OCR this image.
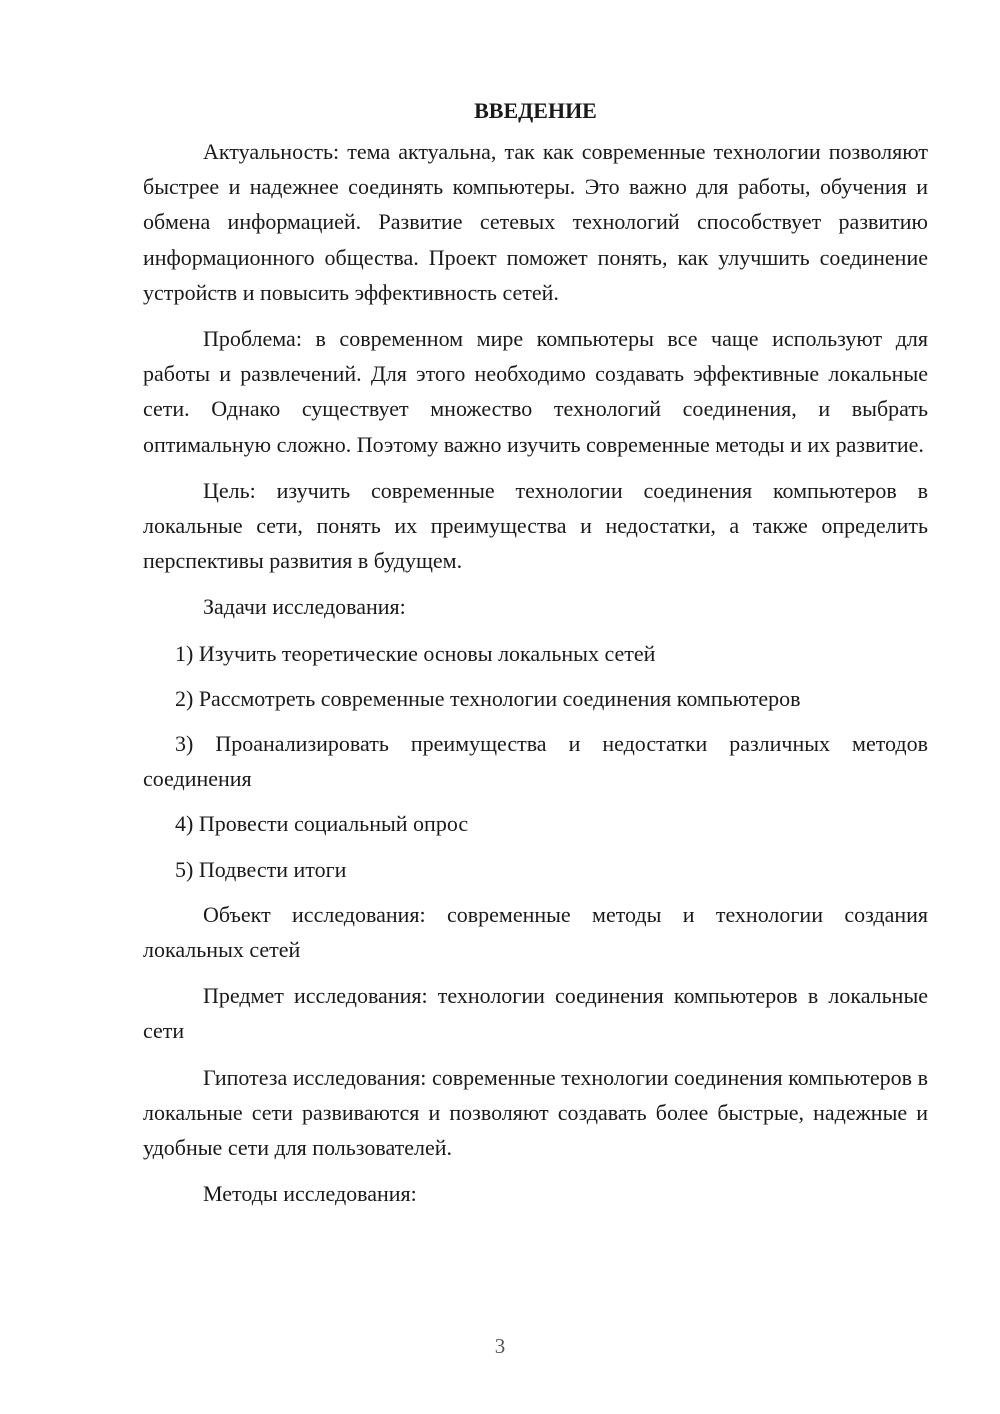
ВВЕДЕНИЕ

Актуальность: тема актуальна, так как современные технологии позволяют быстрее и надежнее соединять компьютеры. Это важно для работы, обучения и обмена информацией. Развитие сетевых технологий способствует развитию информационного общества. Проект поможет понять, как улучшить соединение устройств и повысить эффективность сетей.

Проблема: в современном мире компьютеры все чаще используют для работы и развлечений. Для этого необходимо создавать эффективные локальные сети. Однако существует множество технологий соединения, и выбрать оптимальную сложно. Поэтому важно изучить современные методы и их развитие.

Цель: изучить современные технологии соединения компьютеров в локальные сети, понять их преимущества и недостатки, а также определить перспективы развития в будущем.

Задачи исследования:

1) Изучить теоретические основы локальных сетей

2) Рассмотреть современные технологии соединения компьютеров

3) Проанализировать преимущества и недостатки различных методов соединения

4) Провести социальный опрос

5) Подвести итоги

Объект исследования: современные методы и технологии создания локальных сетей

Предмет исследования: технологии соединения компьютеров в локальные сети

Гипотеза исследования: современные технологии соединения компьютеров в локальные сети развиваются и позволяют создавать более быстрые, надежные и удобные сети для пользователей.

Методы исследования:

3
